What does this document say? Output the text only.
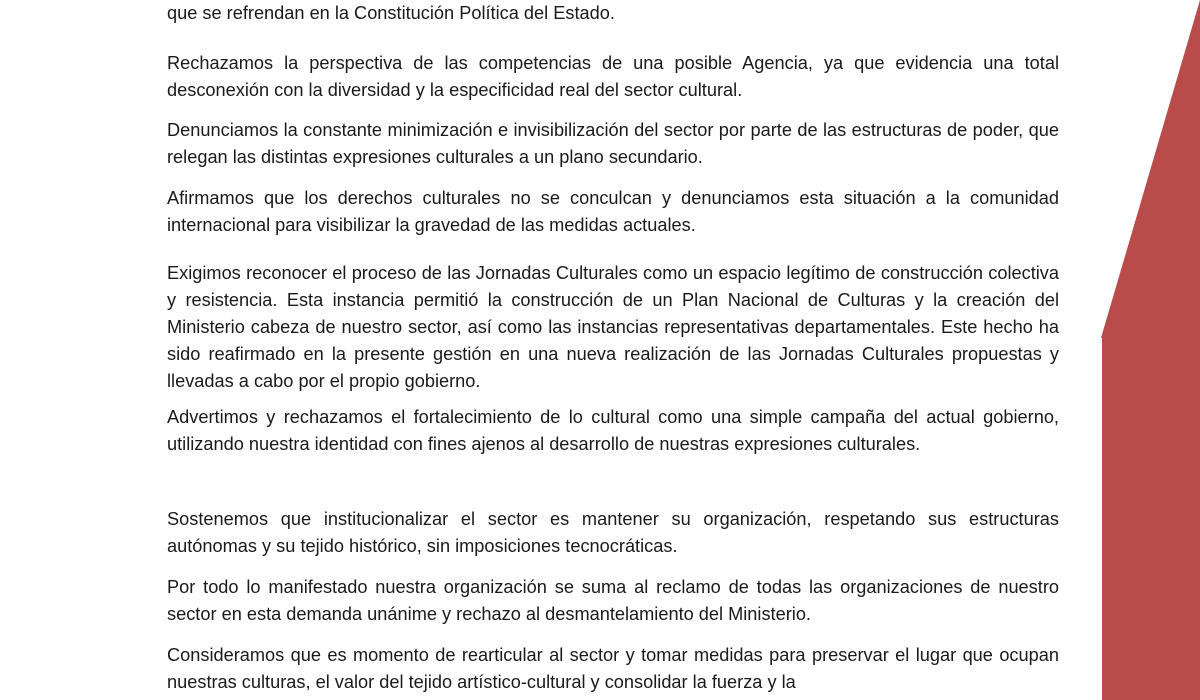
que se refrendan en la Constitución Política del Estado.

Rechazamos la perspectiva de las competencias de una posible Agencia, ya que evidencia una total desconexión con la diversidad y la especificidad real del sector cultural.

Denunciamos la constante minimización e invisibilización del sector por parte de las estructuras de poder, que relegan las distintas expresiones culturales a un plano secundario.

Afirmamos que los derechos culturales no se conculcan y denunciamos esta situación a la comunidad internacional para visibilizar la gravedad de las medidas actuales.

Exigimos reconocer el proceso de las Jornadas Culturales como un espacio legítimo de construcción colectiva y resistencia. Esta instancia permitió la construcción de un Plan Nacional de Culturas y la creación del Ministerio cabeza de nuestro sector, así como las instancias representativas departamentales. Este hecho ha sido reafirmado en la presente gestión en una nueva realización de las Jornadas Culturales propuestas y llevadas a cabo por el propio gobierno.

Advertimos y rechazamos el fortalecimiento de lo cultural como una simple campaña del actual gobierno, utilizando nuestra identidad con fines ajenos al desarrollo de nuestras expresiones culturales.

Sostenemos que institucionalizar el sector es mantener su organización, respetando sus estructuras autónomas y su tejido histórico, sin imposiciones tecnocráticas.

Por todo lo manifestado nuestra organización se suma al reclamo de todas las organizaciones de nuestro sector en esta demanda unánime y rechazo al desmantelamiento del Ministerio.

Consideramos que es momento de rearticular al sector y tomar medidas para preservar el lugar que ocupan nuestras culturas, el valor del tejido artístico-cultural y consolidar la fuerza y la
